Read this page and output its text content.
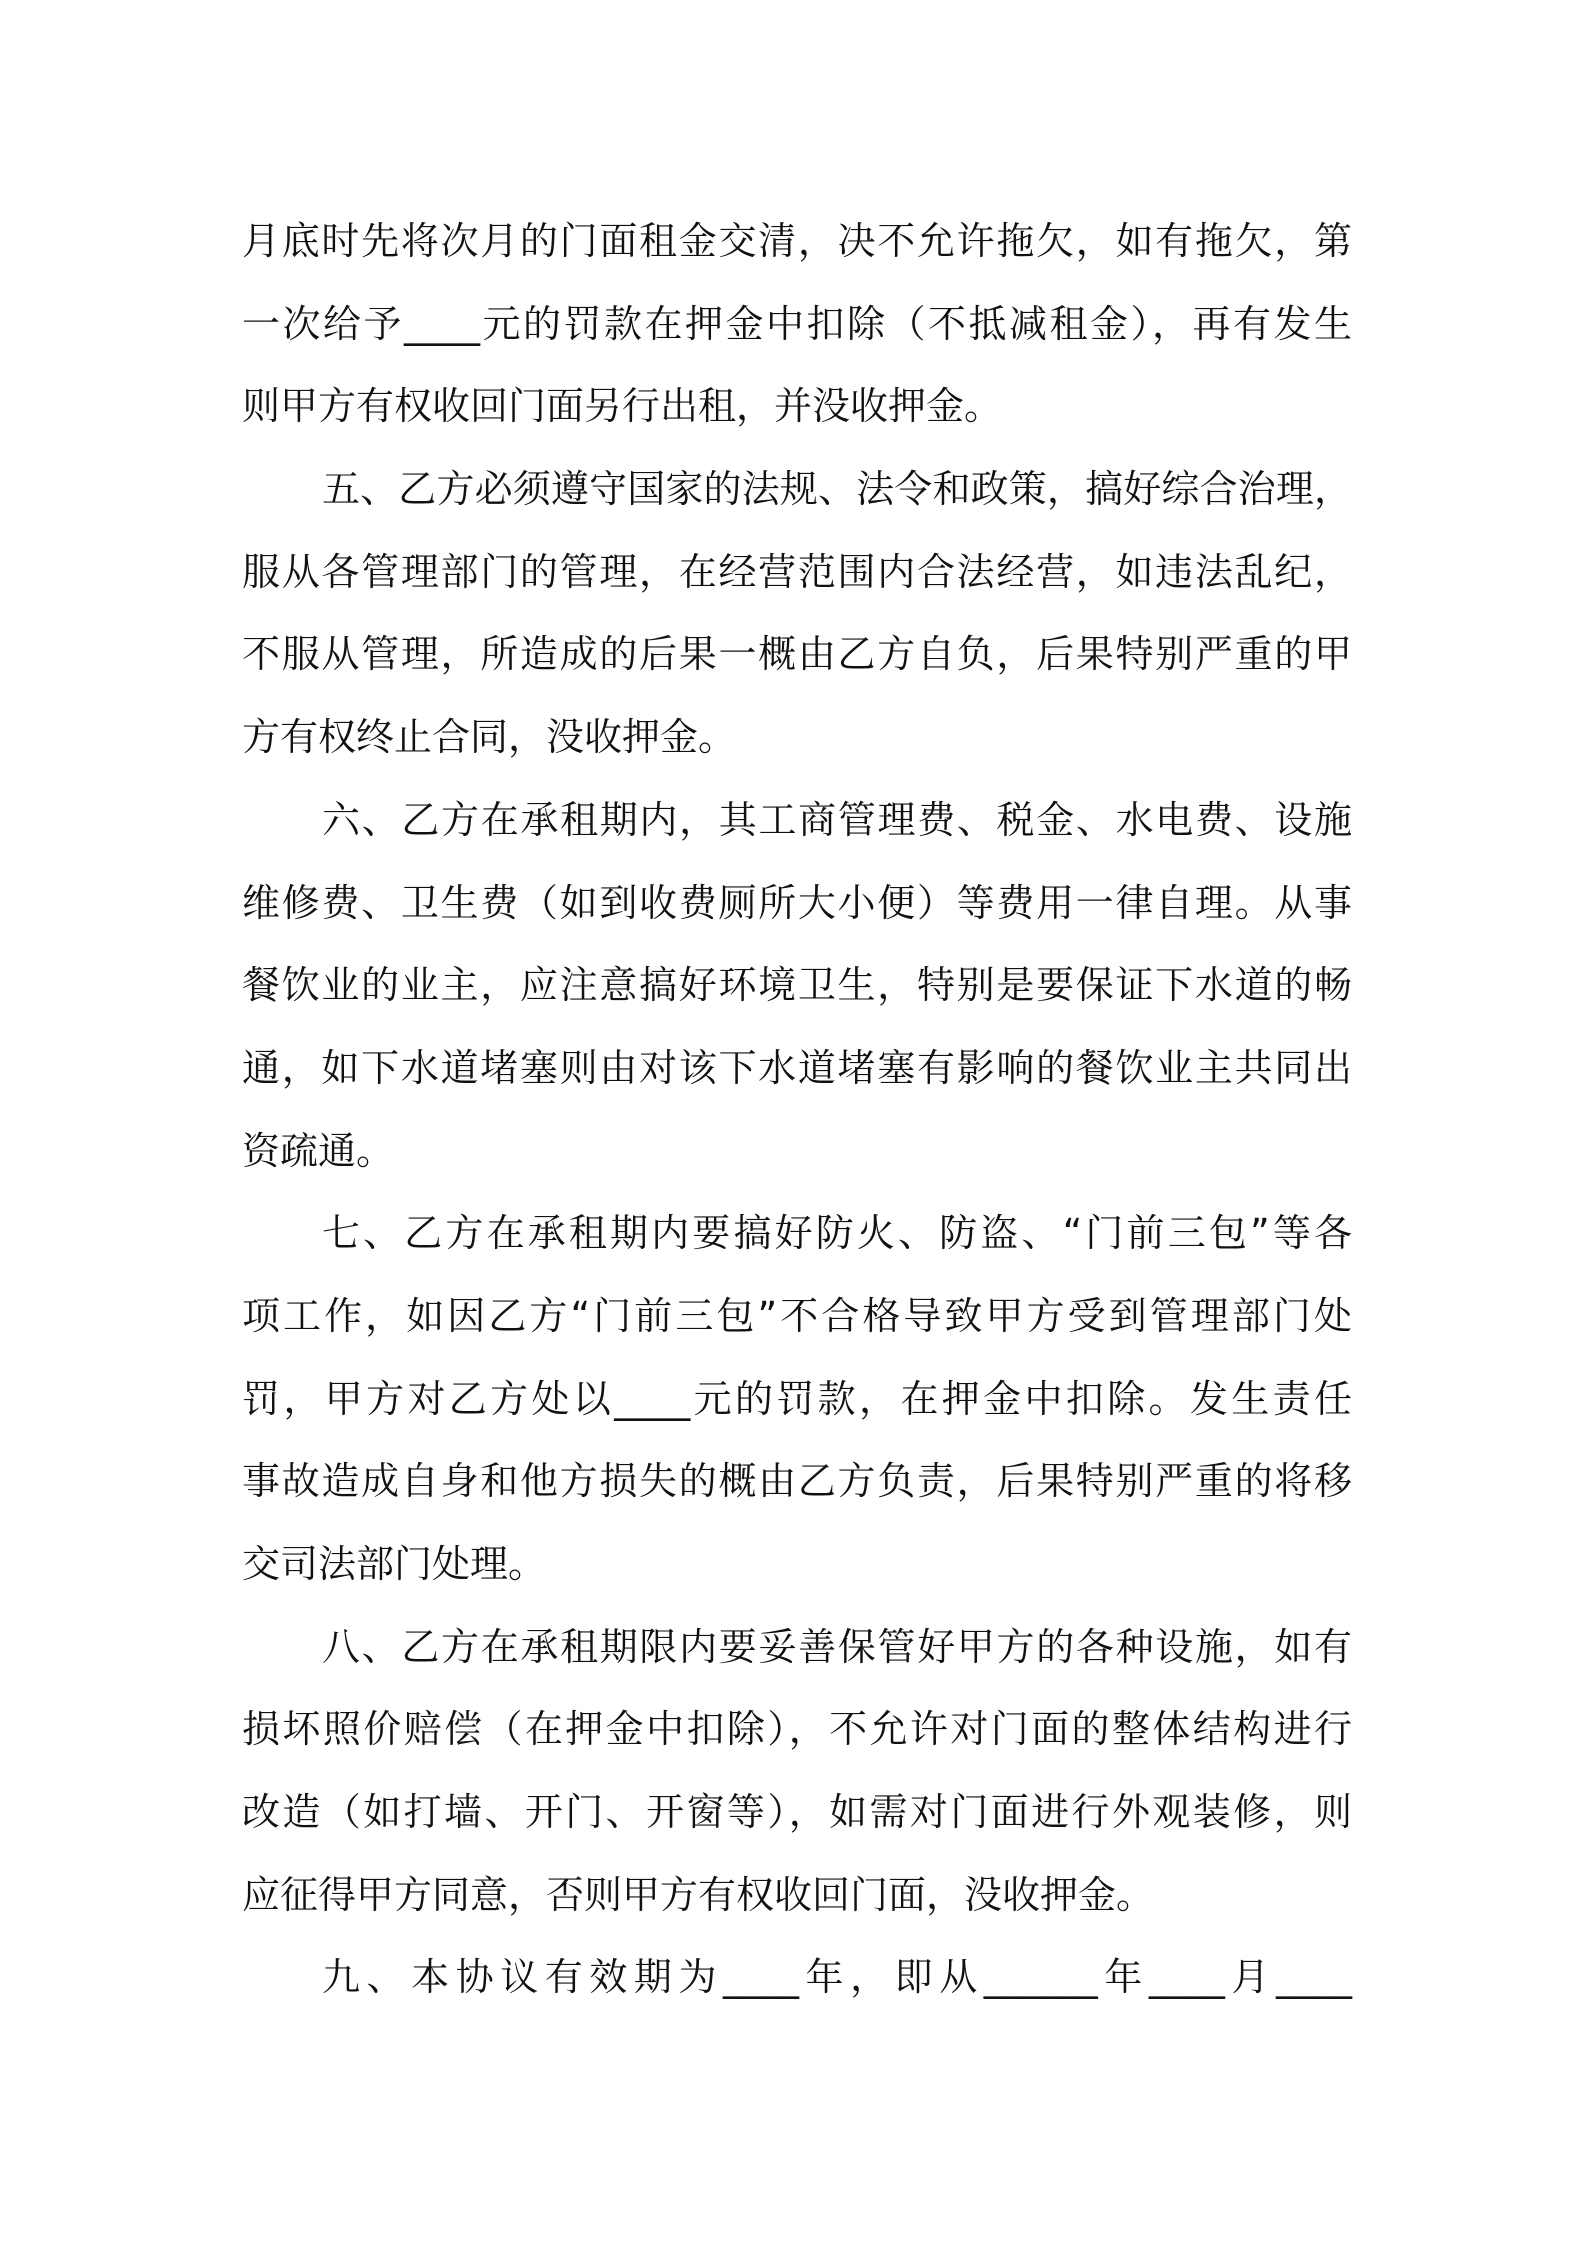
月底时先将次月的门面租金交清，决不允许拖欠，如有拖欠，第
一次给予____元的罚款在押金中扣除（不抵减租金），再有发生
则甲方有权收回门面另行出租，并没收押金。
五、乙方必须遵守国家的法规、法令和政策，搞好综合治理，
服从各管理部门的管理，在经营范围内合法经营，如违法乱纪，
不服从管理，所造成的后果一概由乙方自负，后果特别严重的甲
方有权终止合同，没收押金。
六、乙方在承租期内，其工商管理费、税金、水电费、设施
维修费、卫生费（如到收费厕所大小便）等费用一律自理。从事
餐饮业的业主，应注意搞好环境卫生，特别是要保证下水道的畅
通，如下水道堵塞则由对该下水道堵塞有影响的餐饮业主共同出
资疏通。
七、乙方在承租期内要搞好防火、防盗、“门前三包”等各
项工作，如因乙方“门前三包”不合格导致甲方受到管理部门处
罚，甲方对乙方处以____元的罚款，在押金中扣除。发生责任
事故造成自身和他方损失的概由乙方负责，后果特别严重的将移
交司法部门处理。
八、乙方在承租期限内要妥善保管好甲方的各种设施，如有
损坏照价赔偿（在押金中扣除），不允许对门面的整体结构进行
改造（如打墙、开门、开窗等），如需对门面进行外观装修，则
应征得甲方同意，否则甲方有权收回门面，没收押金。
九、本协议有效期为____年，即从______年____月____
